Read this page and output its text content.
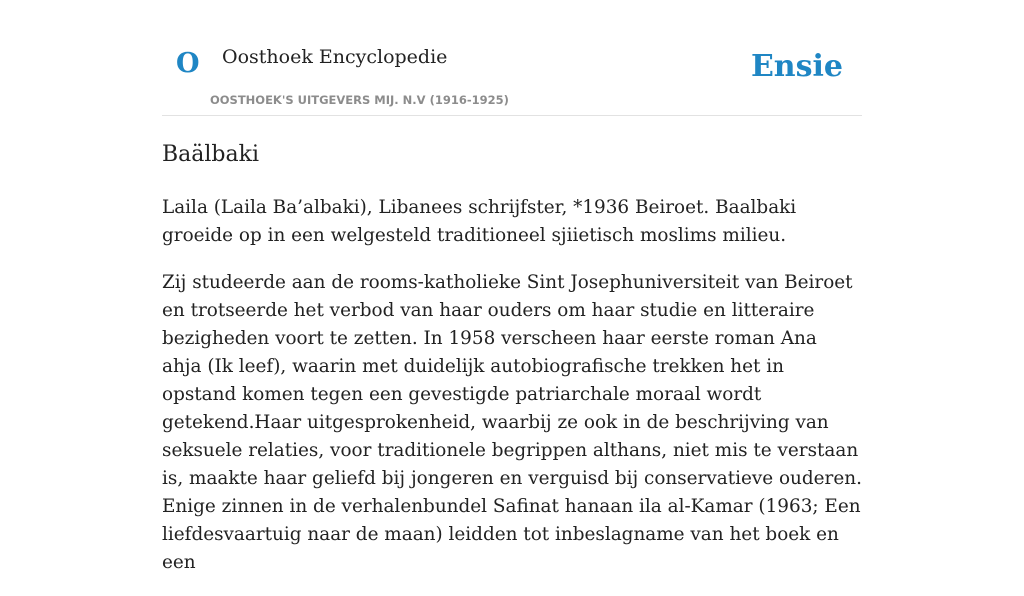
O Oosthoek Encyclopedie
OOSTHOEK'S UITGEVERS MIJ. N.V (1916-1925)
Ensie
Baälbaki

Laila (Laila Ba’albaki), Libanees schrijfster, *1936 Beiroet. Baalbaki groeide op in een welgesteld traditioneel sjiietisch moslims milieu.

Zij studeerde aan de rooms-katholieke Sint Josephuniversiteit van Beiroet en trotseerde het verbod van haar ouders om haar studie en litteraire bezigheden voort te zetten. In 1958 verscheen haar eerste roman Ana ahja (Ik leef), waarin met duidelijk autobiografische trekken het in opstand komen tegen een gevestigde patriarchale moraal wordt getekend.Haar uitgesprokenheid, waarbij ze ook in de beschrijving van seksuele relaties, voor traditionele begrippen althans, niet mis te verstaan is, maakte haar geliefd bij jongeren en verguisd bij conservatieve ouderen. Enige zinnen in de verhalenbundel Safinat hanaan ila al-Kamar (1963; Een liefdesvaartuig naar de maan) leidden tot inbeslagname van het boek en een
